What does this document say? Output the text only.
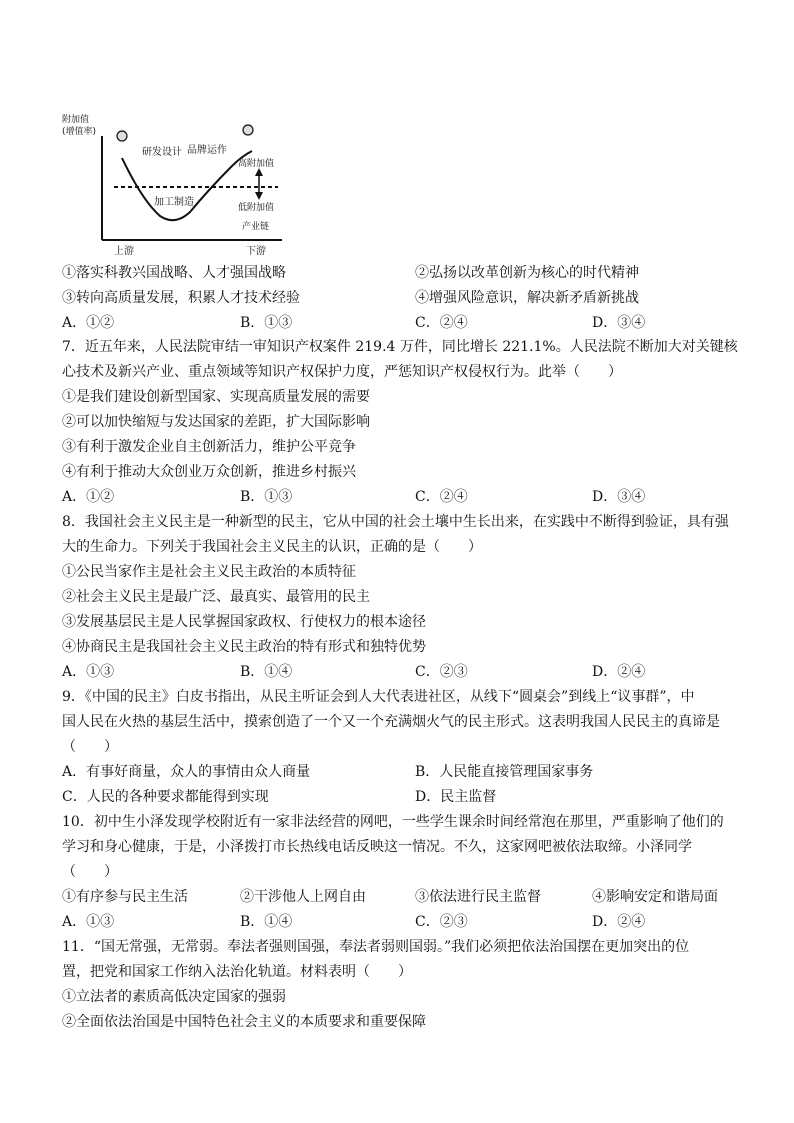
附加值
(增值率)
研发设计 品牌运作
高附加值
加工制造	低附加值
产业链
上游	下游
①落实科教兴国战略、人才强国战略	②弘扬以改革创新为核心的时代精神
③转向高质量发展，积累人才技术经验	④增强风险意识，解决新矛盾新挑战
A．①②	B．①③	C．②④	D．③④
7．近五年来，人民法院审结一审知识产权案件 219.4 万件，同比增长 221.1%。人民法院不断加大对关键核
心技术及新兴产业、重点领域等知识产权保护力度，严惩知识产权侵权行为。此举（　　）
①是我们建设创新型国家、实现高质量发展的需要
②可以加快缩短与发达国家的差距，扩大国际影响
③有利于激发企业自主创新活力，维护公平竞争
④有利于推动大众创业万众创新，推进乡村振兴
A．①②	B．①③	C．②④	D．③④
8．我国社会主义民主是一种新型的民主，它从中国的社会土壤中生长出来，在实践中不断得到验证，具有强
大的生命力。下列关于我国社会主义民主的认识，正确的是（　　）
①公民当家作主是社会主义民主政治的本质特征
②社会主义民主是最广泛、最真实、最管用的民主
③发展基层民主是人民掌握国家政权、行使权力的根本途径
④协商民主是我国社会主义民主政治的特有形式和独特优势
A．①③	B．①④	C．②③	D．②④
9．《中国的民主》白皮书指出，从民主听证会到人大代表进社区，从线下“圆桌会”到线上“议事群”，中
国人民在火热的基层生活中，摸索创造了一个又一个充满烟火气的民主形式。这表明我国人民民主的真谛是
（　　）
A．有事好商量，众人的事情由众人商量	B．人民能直接管理国家事务
C．人民的各种要求都能得到实现	D．民主监督
10．初中生小泽发现学校附近有一家非法经营的网吧，一些学生课余时间经常泡在那里，严重影响了他们的
学习和身心健康，于是，小泽拨打市长热线电话反映这一情况。不久，这家网吧被依法取缔。小泽同学
（　　）
①有序参与民主生活	②干涉他人上网自由	③依法进行民主监督	④影响安定和谐局面
A．①③	B．①④	C．②③	D．②④
11．“国无常强，无常弱。奉法者强则国强，奉法者弱则国弱。”我们必须把依法治国摆在更加突出的位
置，把党和国家工作纳入法治化轨道。材料表明（　　）
①立法者的素质高低决定国家的强弱
②全面依法治国是中国特色社会主义的本质要求和重要保障
